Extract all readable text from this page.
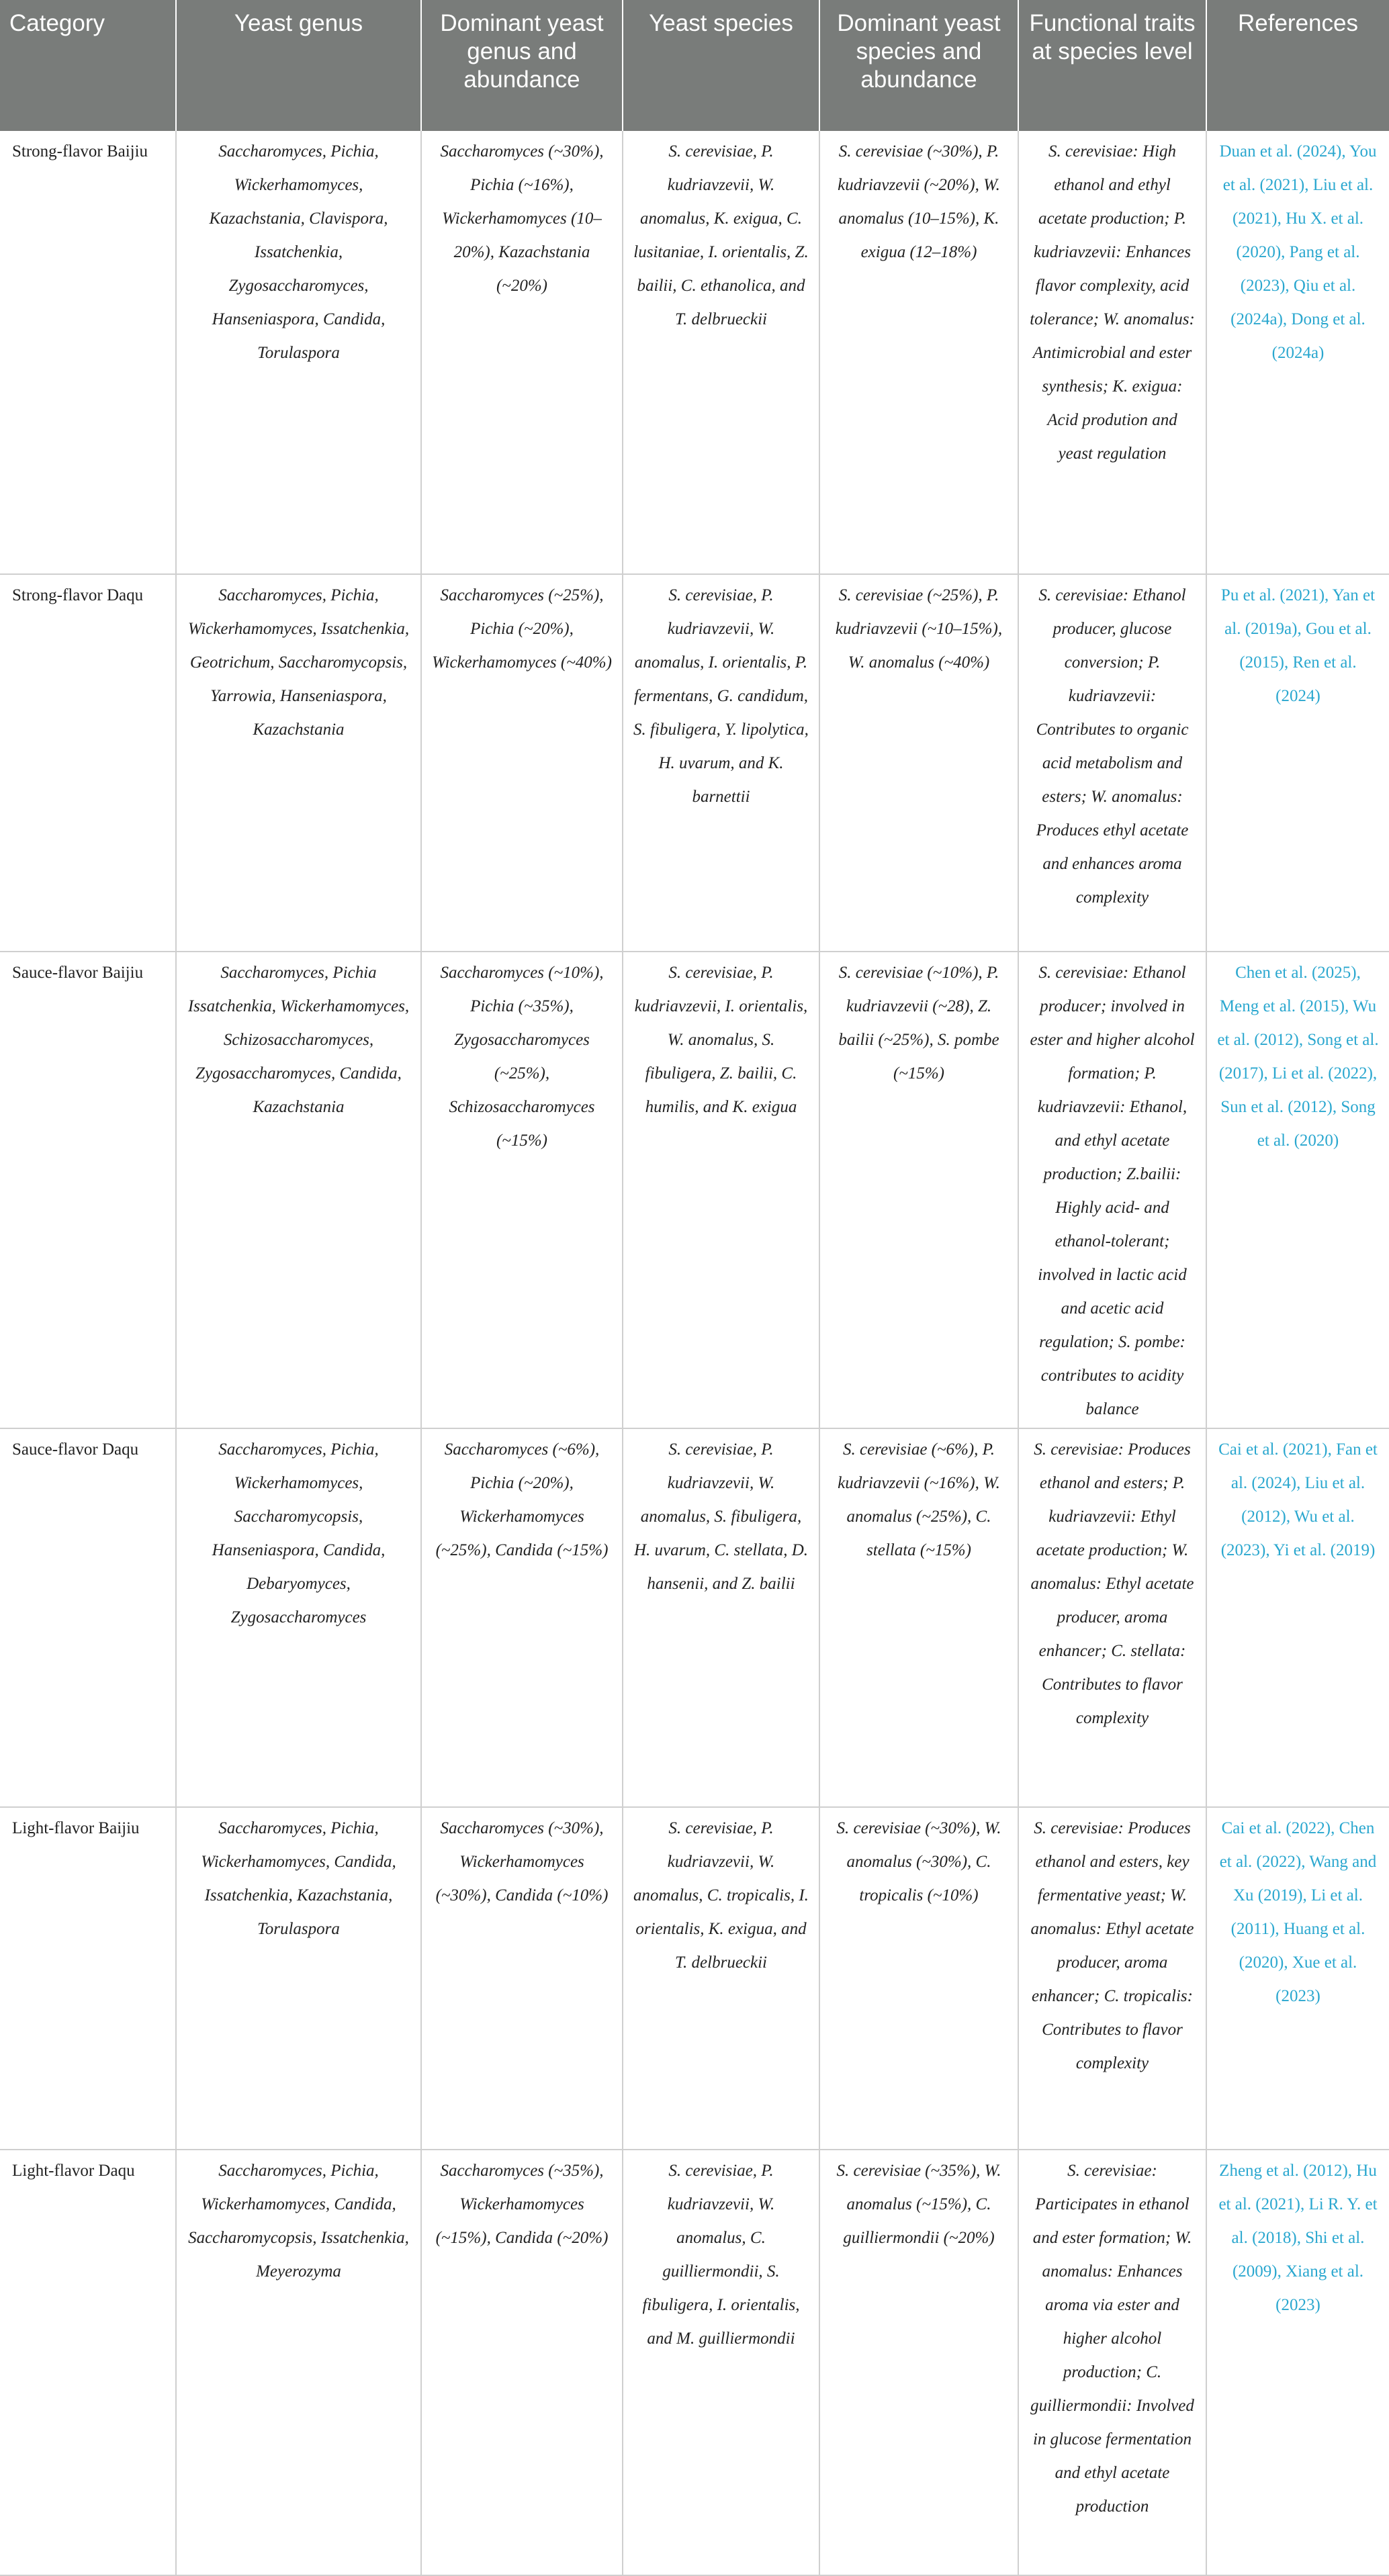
Category	Yeast genus	Dominant yeast genus and abundance	Yeast species	Dominant yeast species and abundance	Functional traits at species level	References
Strong-flavor Baijiu	Saccharomyces, Pichia, Wickerhamomyces, Kazachstania, Clavispora, Issatchenkia, Zygosaccharomyces, Hanseniaspora, Candida, Torulaspora	Saccharomyces (~30%), Pichia (~16%), Wickerhamomyces (10–20%), Kazachstania (~20%)	S. cerevisiae, P. kudriavzevii, W. anomalus, K. exigua, C. lusitaniae, I. orientalis, Z. bailii, C. ethanolica, and T. delbrueckii	S. cerevisiae (~30%), P. kudriavzevii (~20%), W. anomalus (10–15%), K. exigua (12–18%)	S. cerevisiae: High ethanol and ethyl acetate production; P. kudriavzevii: Enhances flavor complexity, acid tolerance; W. anomalus: Antimicrobial and ester synthesis; K. exigua: Acid prodution and yeast regulation	Duan et al. (2024), You et al. (2021), Liu et al. (2021), Hu X. et al. (2020), Pang et al. (2023), Qiu et al. (2024a), Dong et al. (2024a)
Strong-flavor Daqu	Saccharomyces, Pichia, Wickerhamomyces, Issatchenkia, Geotrichum, Saccharomycopsis, Yarrowia, Hanseniaspora, Kazachstania	Saccharomyces (~25%), Pichia (~20%), Wickerhamomyces (~40%)	S. cerevisiae, P. kudriavzevii, W. anomalus, I. orientalis, P. fermentans, G. candidum, S. fibuligera, Y. lipolytica, H. uvarum, and K. barnettii	S. cerevisiae (~25%), P. kudriavzevii (~10–15%), W. anomalus (~40%)	S. cerevisiae: Ethanol producer, glucose conversion; P. kudriavzevii: Contributes to organic acid metabolism and esters; W. anomalus: Produces ethyl acetate and enhances aroma complexity	Pu et al. (2021), Yan et al. (2019a), Gou et al. (2015), Ren et al. (2024)
Sauce-flavor Baijiu	Saccharomyces, Pichia Issatchenkia, Wickerhamomyces, Schizosaccharomyces, Zygosaccharomyces, Candida, Kazachstania	Saccharomyces (~10%), Pichia (~35%), Zygosaccharomyces (~25%), Schizosaccharomyces (~15%)	S. cerevisiae, P. kudriavzevii, I. orientalis, W. anomalus, S. fibuligera, Z. bailii, C. humilis, and K. exigua	S. cerevisiae (~10%), P. kudriavzevii (~28), Z. bailii (~25%), S. pombe (~15%)	S. cerevisiae: Ethanol producer; involved in ester and higher alcohol formation; P. kudriavzevii: Ethanol, and ethyl acetate production; Z.bailii: Highly acid- and ethanol-tolerant; involved in lactic acid and acetic acid regulation; S. pombe: contributes to acidity balance	Chen et al. (2025), Meng et al. (2015), Wu et al. (2012), Song et al. (2017), Li et al. (2022), Sun et al. (2012), Song et al. (2020)
Sauce-flavor Daqu	Saccharomyces, Pichia, Wickerhamomyces, Saccharomycopsis, Hanseniaspora, Candida, Debaryomyces, Zygosaccharomyces	Saccharomyces (~6%), Pichia (~20%), Wickerhamomyces (~25%), Candida (~15%)	S. cerevisiae, P. kudriavzevii, W. anomalus, S. fibuligera, H. uvarum, C. stellata, D. hansenii, and Z. bailii	S. cerevisiae (~6%), P. kudriavzevii (~16%), W. anomalus (~25%), C. stellata (~15%)	S. cerevisiae: Produces ethanol and esters; P. kudriavzevii: Ethyl acetate production; W. anomalus: Ethyl acetate producer, aroma enhancer; C. stellata: Contributes to flavor complexity	Cai et al. (2021), Fan et al. (2024), Liu et al. (2012), Wu et al. (2023), Yi et al. (2019)
Light-flavor Baijiu	Saccharomyces, Pichia, Wickerhamomyces, Candida, Issatchenkia, Kazachstania, Torulaspora	Saccharomyces (~30%), Wickerhamomyces (~30%), Candida (~10%)	S. cerevisiae, P. kudriavzevii, W. anomalus, C. tropicalis, I. orientalis, K. exigua, and T. delbrueckii	S. cerevisiae (~30%), W. anomalus (~30%), C. tropicalis (~10%)	S. cerevisiae: Produces ethanol and esters, key fermentative yeast; W. anomalus: Ethyl acetate producer, aroma enhancer; C. tropicalis: Contributes to flavor complexity	Cai et al. (2022), Chen et al. (2022), Wang and Xu (2019), Li et al. (2011), Huang et al. (2020), Xue et al. (2023)
Light-flavor Daqu	Saccharomyces, Pichia, Wickerhamomyces, Candida, Saccharomycopsis, Issatchenkia, Meyerozyma	Saccharomyces (~35%), Wickerhamomyces (~15%), Candida (~20%)	S. cerevisiae, P. kudriavzevii, W. anomalus, C. guilliermondii, S. fibuligera, I. orientalis, and M. guilliermondii	S. cerevisiae (~35%), W. anomalus (~15%), C. guilliermondii (~20%)	S. cerevisiae: Participates in ethanol and ester formation; W. anomalus: Enhances aroma via ester and higher alcohol production; C. guilliermondii: Involved in glucose fermentation and ethyl acetate production	Zheng et al. (2012), Hu et al. (2021), Li R. Y. et al. (2018), Shi et al. (2009), Xiang et al. (2023)
